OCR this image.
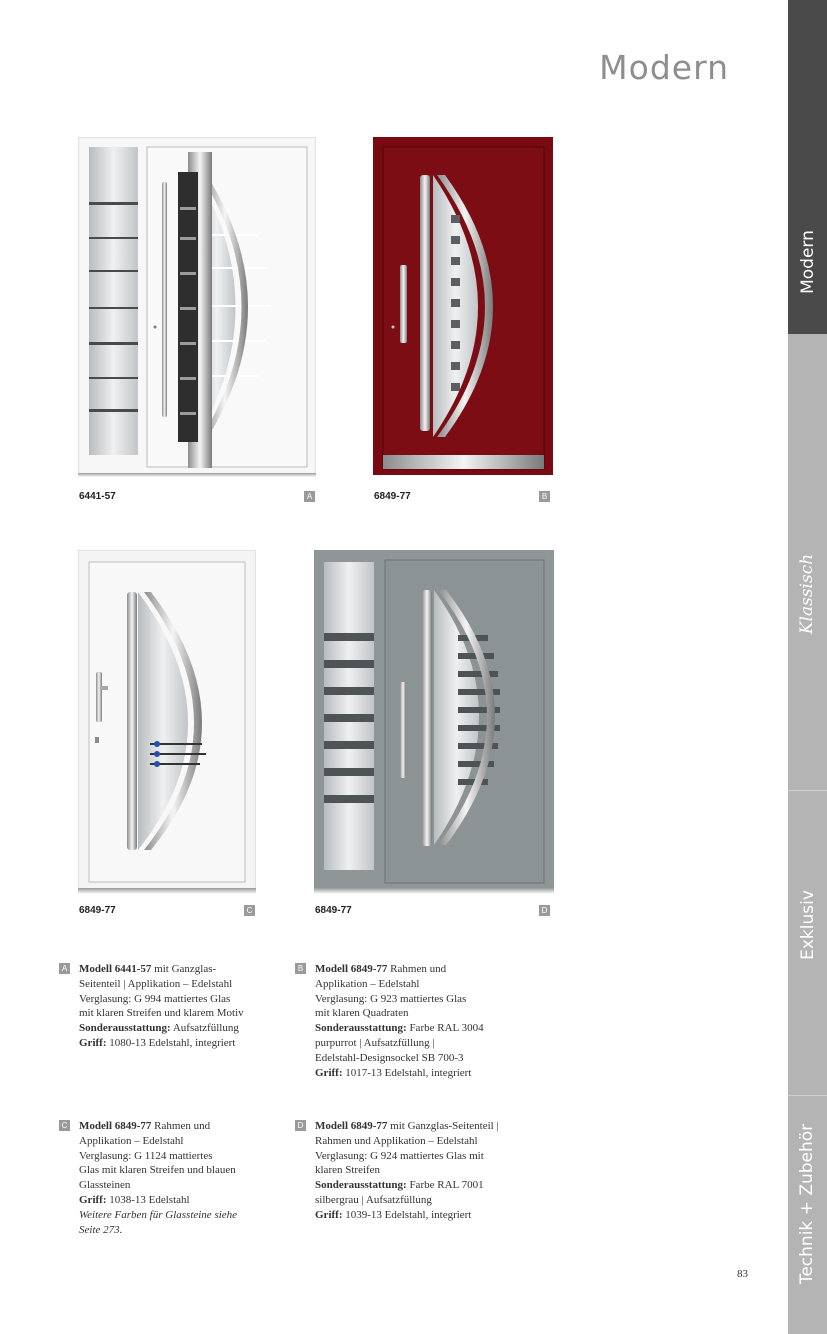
Modern
Modern
Klassisch
Exklusiv
Technik + Zubehör
6441-57	A	6849-77	B
6849-77	C	6849-77	D
A Modell 6441-57 mit Ganzglas-
Seitenteil | Applikation – Edelstahl
Verglasung: G 994 mattiertes Glas
mit klaren Streifen und klarem Motiv
Sonderausstattung: Aufsatzfüllung
Griff: 1080-13 Edelstahl, integriert
B Modell 6849-77 Rahmen und
Applikation – Edelstahl
Verglasung: G 923 mattiertes Glas
mit klaren Quadraten
Sonderausstattung: Farbe RAL 3004
purpurrot | Aufsatzfüllung |
Edelstahl-Designsockel SB 700-3
Griff: 1017-13 Edelstahl, integriert
C Modell 6849-77 Rahmen und
Applikation – Edelstahl
Verglasung: G 1124 mattiertes
Glas mit klaren Streifen und blauen
Glassteinen
Griff: 1038-13 Edelstahl
Weitere Farben für Glassteine siehe
Seite 273.
D Modell 6849-77 mit Ganzglas-Seitenteil |
Rahmen und Applikation – Edelstahl
Verglasung: G 924 mattiertes Glas mit
klaren Streifen
Sonderausstattung: Farbe RAL 7001
silbergrau | Aufsatzfüllung
Griff: 1039-13 Edelstahl, integriert
83
